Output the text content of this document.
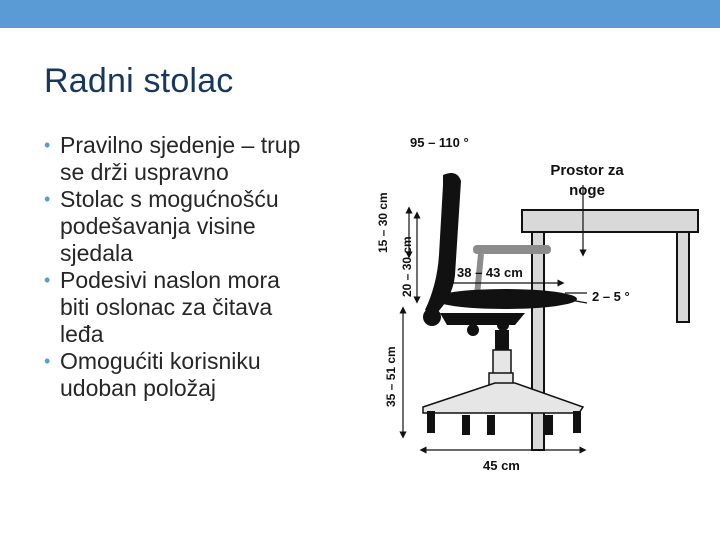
Radni stolac
• Pravilno sjedenje – trup
se drži uspravno
• Stolac s mogućnošću
podešavanja visine
sjedala
• Podesivi naslon mora
biti oslonac za čitava
leđa
• Omogućiti korisniku
udoban položaj
95 – 110 °
Prostor za
noge
15 – 30 cm
20 – 30 cm	38 – 43 cm
2 – 5 °
35 – 51 cm
45 cm
